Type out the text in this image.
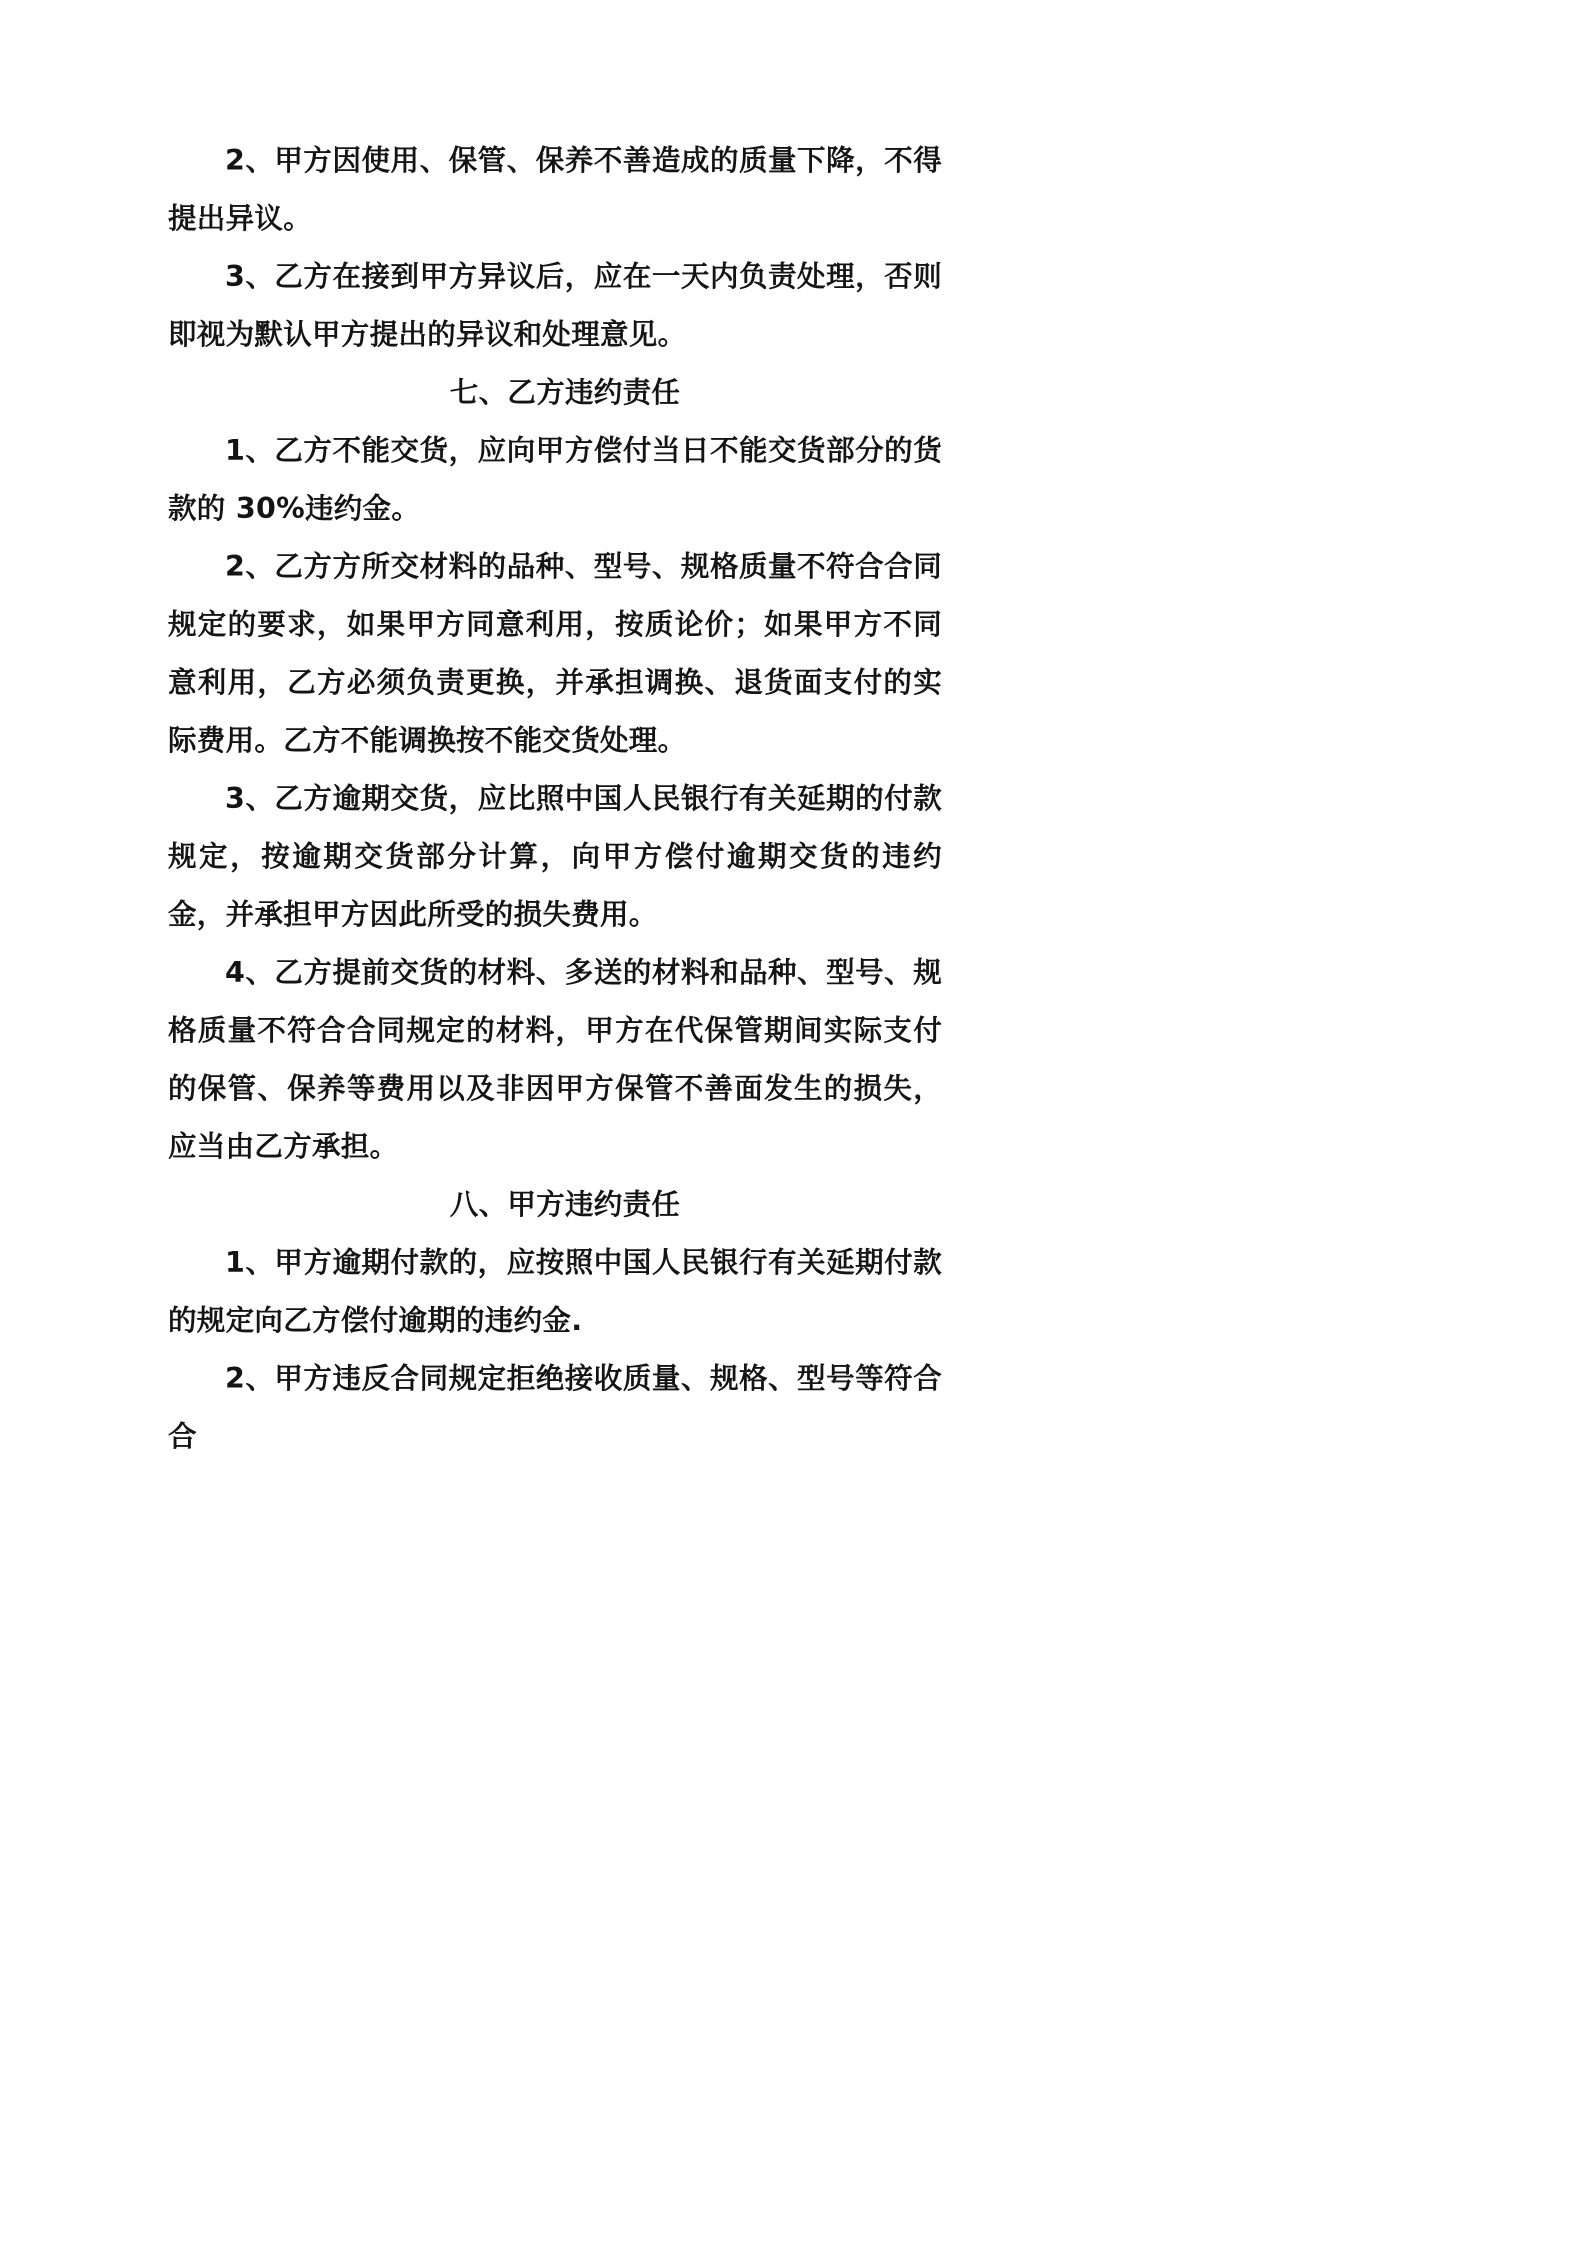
2、甲方因使用、保管、保养不善造成的质量下降，不得提出异议。

3、乙方在接到甲方异议后，应在一天内负责处理，否则即视为默认甲方提出的异议和处理意见。

七、乙方违约责任

1、乙方不能交货，应向甲方偿付当日不能交货部分的货款的 30%违约金。

2、乙方方所交材料的品种、型号、规格质量不符合合同规定的要求，如果甲方同意利用，按质论价；如果甲方不同意利用，乙方必须负责更换，并承担调换、退货面支付的实际费用。乙方不能调换按不能交货处理。

3、乙方逾期交货，应比照中国人民银行有关延期的付款规定，按逾期交货部分计算，向甲方偿付逾期交货的违约金，并承担甲方因此所受的损失费用。

4、乙方提前交货的材料、多送的材料和品种、型号、规格质量不符合合同规定的材料，甲方在代保管期间实际支付的保管、保养等费用以及非因甲方保管不善面发生的损失，应当由乙方承担。

八、甲方违约责任

1、甲方逾期付款的，应按照中国人民银行有关延期付款的规定向乙方偿付逾期的违约金.

2、甲方违反合同规定拒绝接收质量、规格、型号等符合合
